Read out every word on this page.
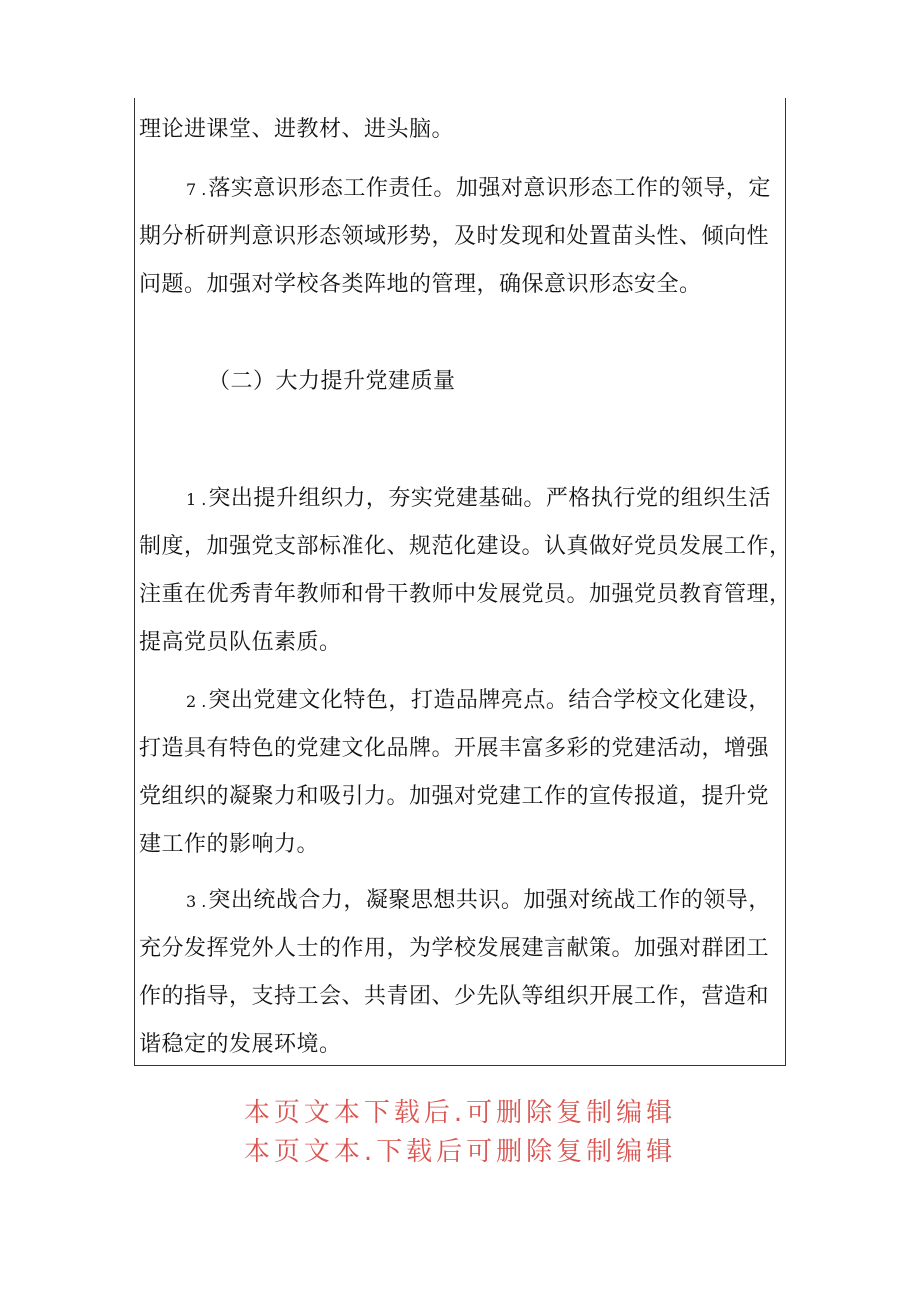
理论进课堂、进教材、进头脑。
7 .落实意识形态工作责任。加强对意识形态工作的领导，定
期分析研判意识形态领域形势，及时发现和处置苗头性、倾向性
问题。加强对学校各类阵地的管理，确保意识形态安全。
（二）大力提升党建质量
1 .突出提升组织力，夯实党建基础。严格执行党的组织生活
制度，加强党支部标准化、规范化建设。认真做好党员发展工作，
注重在优秀青年教师和骨干教师中发展党员。加强党员教育管理，
提高党员队伍素质。
2 .突出党建文化特色，打造品牌亮点。结合学校文化建设，
打造具有特色的党建文化品牌。开展丰富多彩的党建活动，增强
党组织的凝聚力和吸引力。加强对党建工作的宣传报道，提升党
建工作的影响力。
3 .突出统战合力，凝聚思想共识。加强对统战工作的领导，
充分发挥党外人士的作用，为学校发展建言献策。加强对群团工
作的指导，支持工会、共青团、少先队等组织开展工作，营造和
谐稳定的发展环境。
本页文本下载后.可删除复制编辑
本页文本.下载后可删除复制编辑
